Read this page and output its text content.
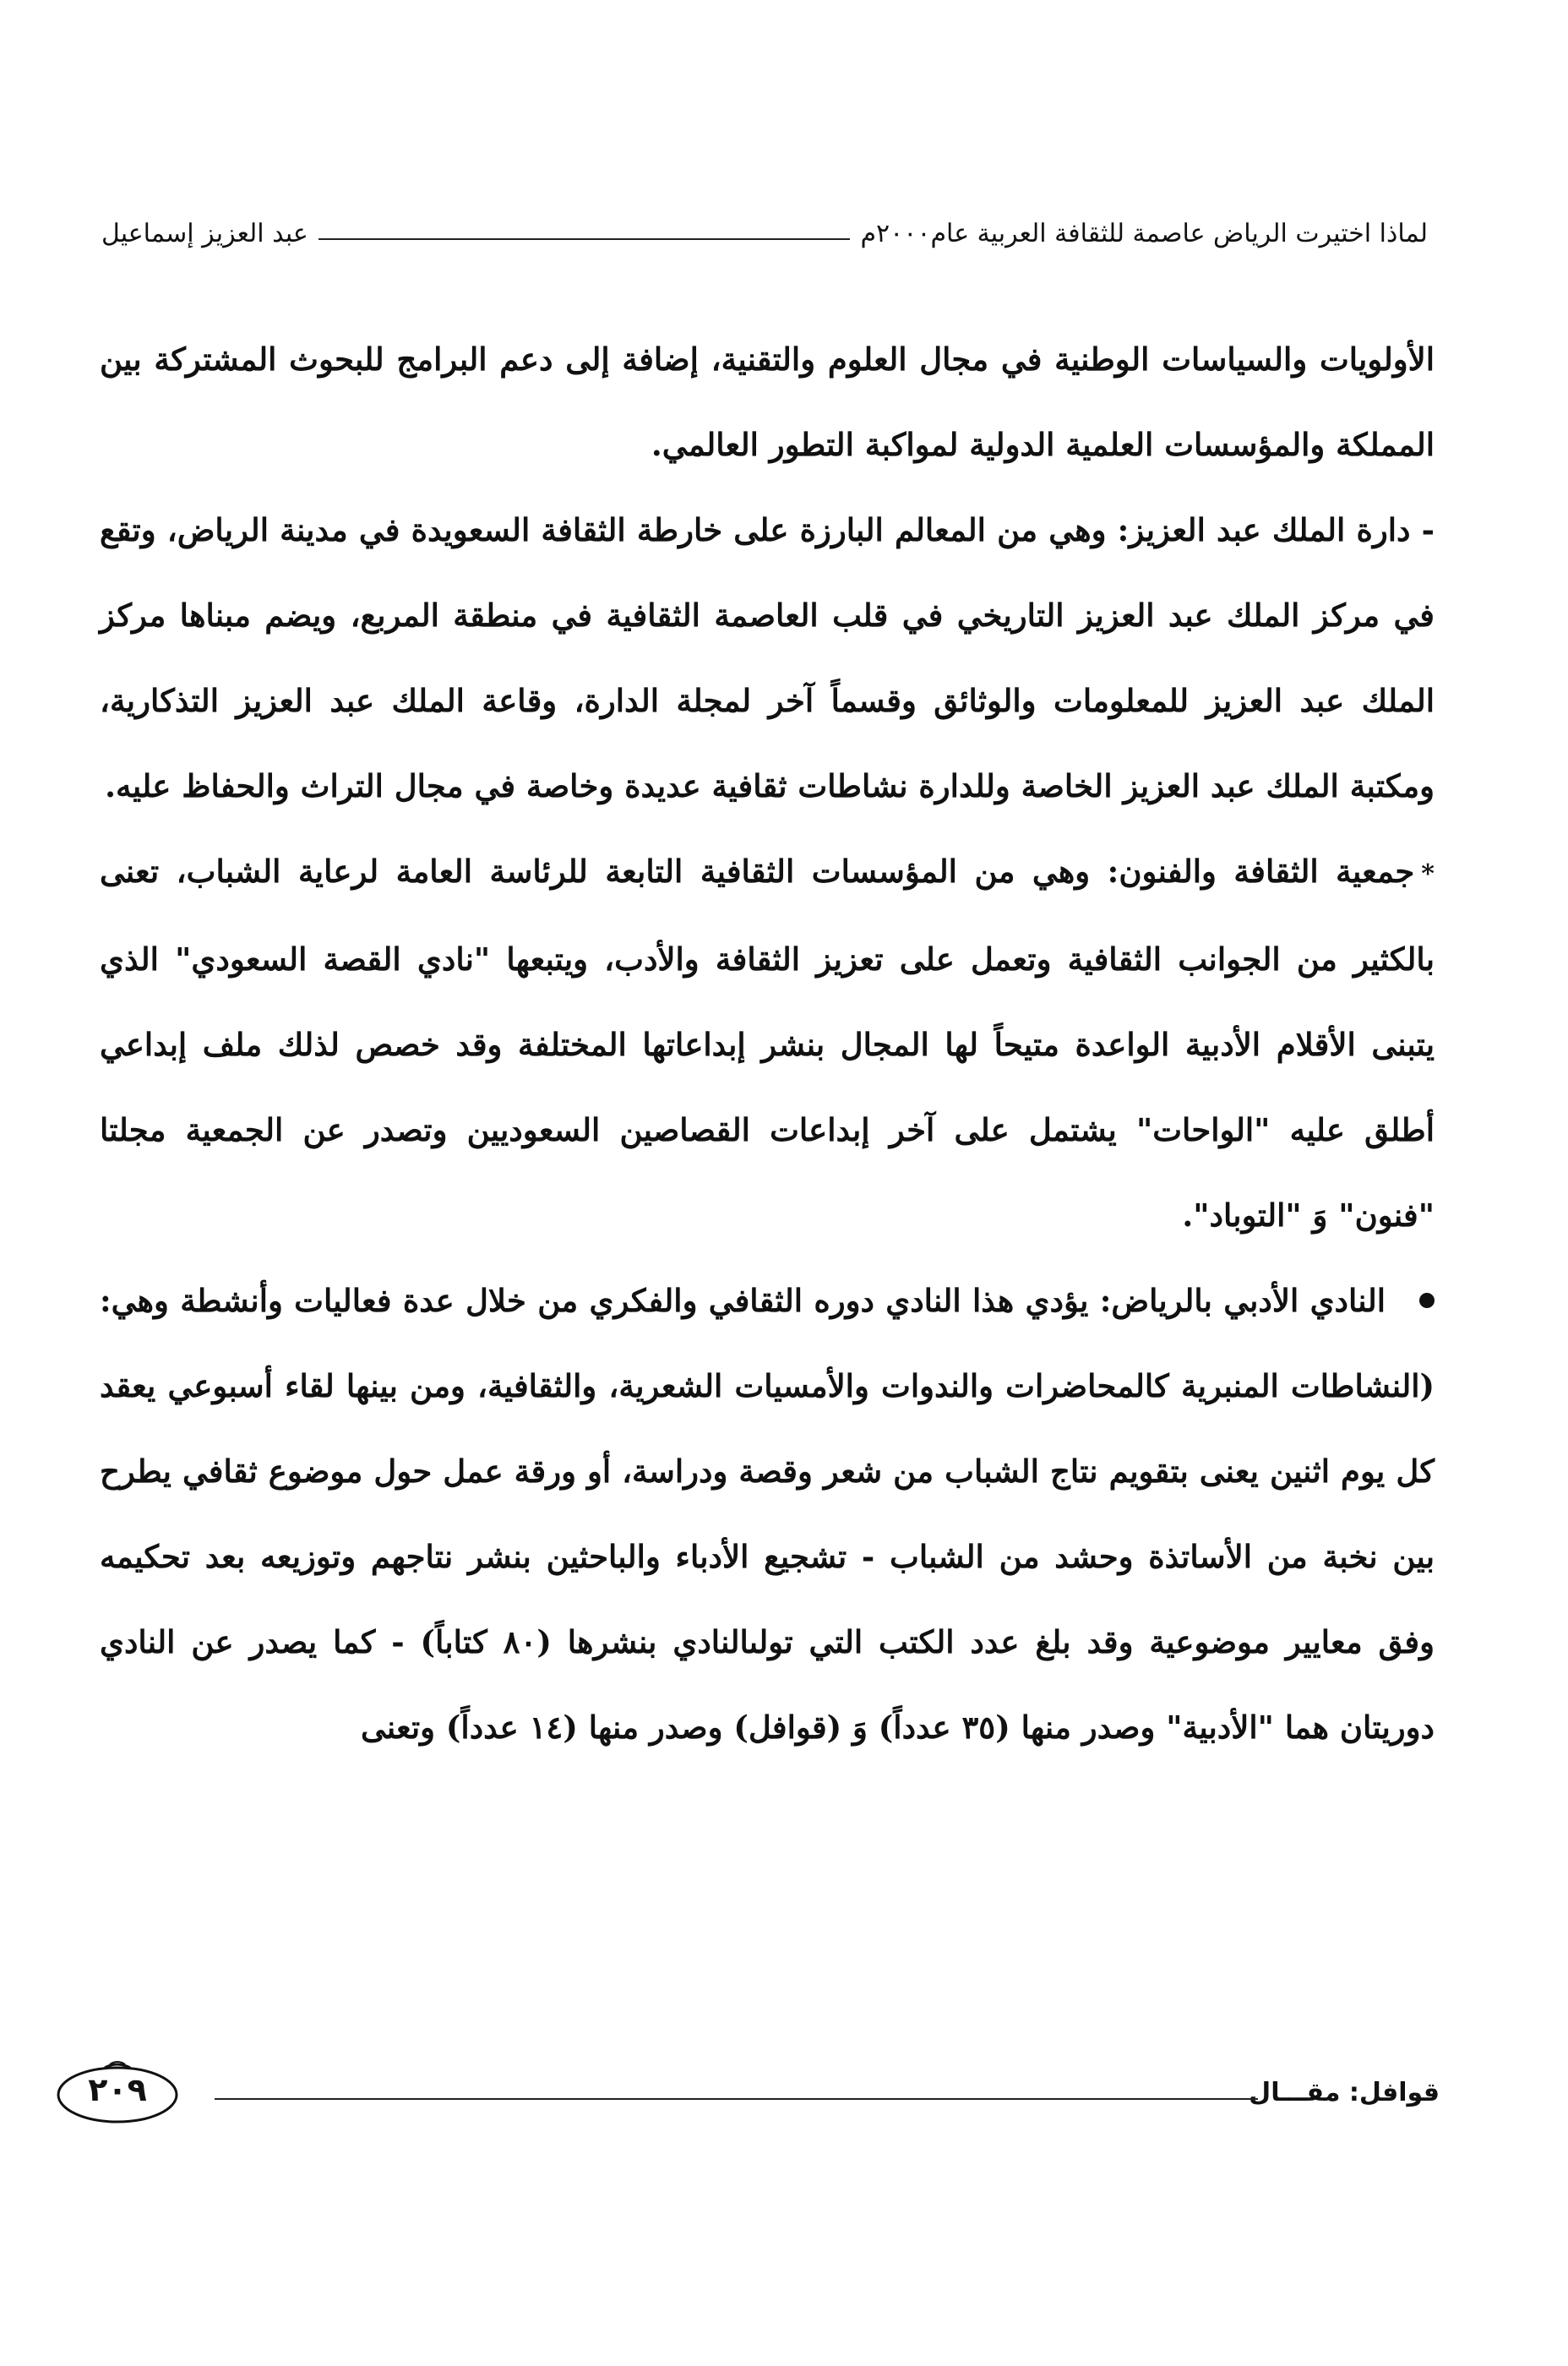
لماذا اختيرت الرياض عاصمة للثقافة العربية عام٢٠٠٠م
عبد العزيز إسماعيل

الأولويات والسياسات الوطنية في مجال العلوم والتقنية، إضافة إلى دعم البرامج للبحوث المشتركة بين المملكة والمؤسسات العلمية الدولية لمواكبة التطور العالمي.

- دارة الملك عبد العزيز: وهي من المعالم البارزة على خارطة الثقافة السعويدة في مدينة الرياض، وتقع في مركز الملك عبد العزيز التاريخي في قلب العاصمة الثقافية في منطقة المربع، ويضم مبناها مركز الملك عبد العزيز للمعلومات والوثائق وقسماً آخر لمجلة الدارة، وقاعة الملك عبد العزيز التذكارية، ومكتبة الملك عبد العزيز الخاصة وللدارة نشاطات ثقافية عديدة وخاصة في مجال التراث والحفاظ عليه.

*جمعية الثقافة والفنون: وهي من المؤسسات الثقافية التابعة للرئاسة العامة لرعاية الشباب، تعنى بالكثير من الجوانب الثقافية وتعمل على تعزيز الثقافة والأدب، ويتبعها "نادي القصة السعودي" الذي يتبنى الأقلام الأدبية الواعدة متيحاً لها المجال بنشر إبداعاتها المختلفة وقد خصص لذلك ملف إبداعي أطلق عليه "الواحات" يشتمل على آخر إبداعات القصاصين السعوديين وتصدر عن الجمعية مجلتا "فنون" وَ "التوباد".

النادي الأدبي بالرياض: يؤدي هذا النادي دوره الثقافي والفكري من خلال عدة فعاليات وأنشطة وهي: (النشاطات المنبرية كالمحاضرات والندوات والأمسيات الشعرية، والثقافية، ومن بينها لقاء أسبوعي يعقد كل يوم اثنين يعنى بتقويم نتاج الشباب من شعر وقصة ودراسة، أو ورقة عمل حول موضوع ثقافي يطرح بين نخبة من الأساتذة وحشد من الشباب - تشجيع الأدباء والباحثين بنشر نتاجهم وتوزيعه بعد تحكيمه وفق معايير موضوعية وقد بلغ عدد الكتب التي تولىالنادي بنشرها (٨٠ كتاباً) - كما يصدر عن النادي دوريتان هما "الأدبية" وصدر منها (٣٥ عدداً) وَ (قوافل) وصدر منها (١٤ عدداً) وتعنى

قوافل: مقـــال
٢٠٩
